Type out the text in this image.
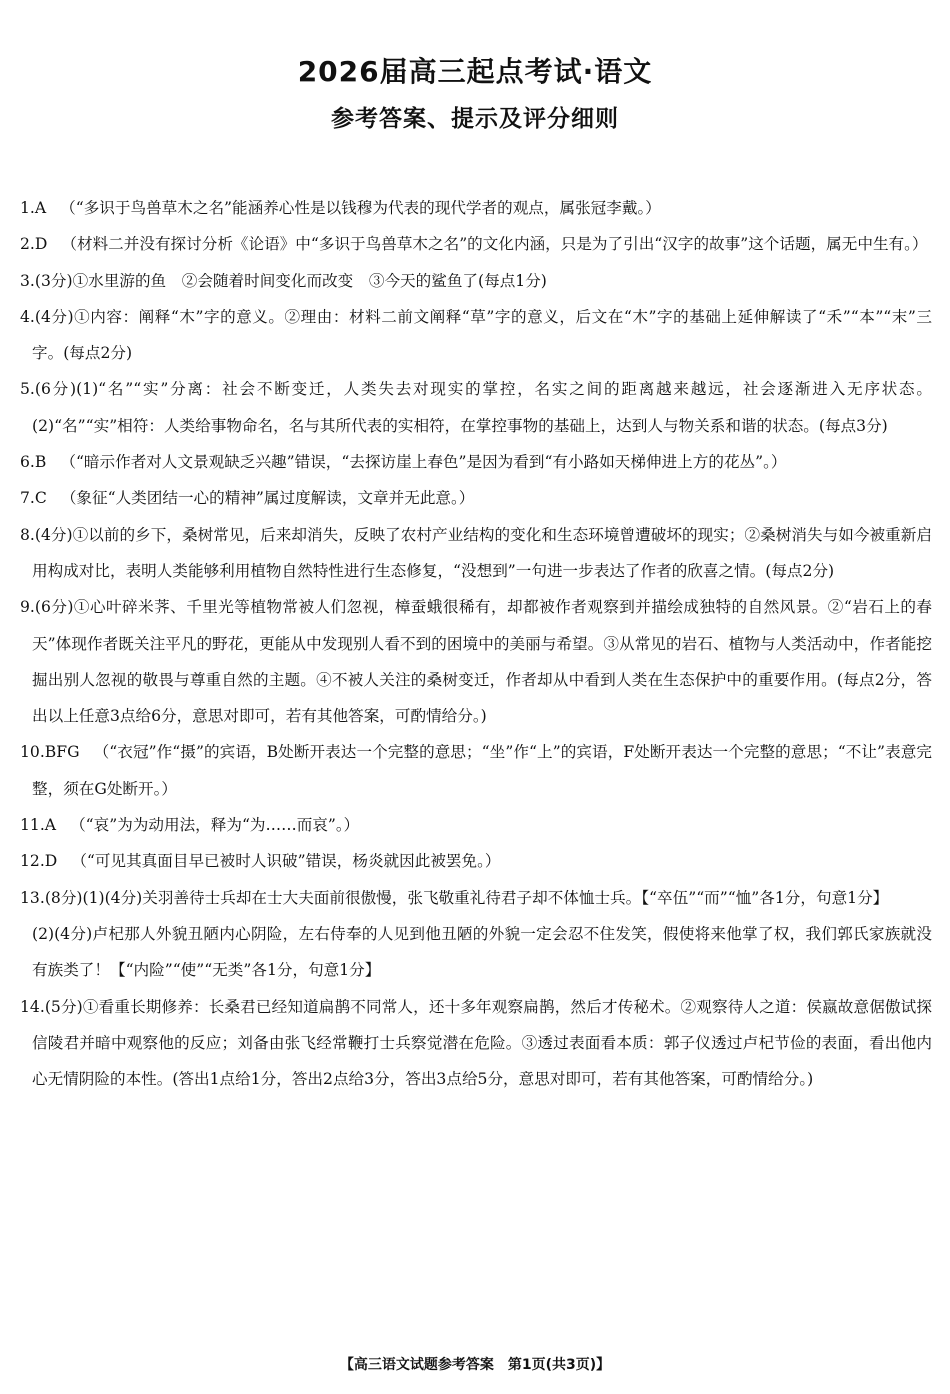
2026届高三起点考试·语文
参考答案、提示及评分细则

1.A （“多识于鸟兽草木之名”能涵养心性是以钱穆为代表的现代学者的观点，属张冠李戴。）

2.D （材料二并没有探讨分析《论语》中“多识于鸟兽草木之名”的文化内涵，只是为了引出“汉字的故事”这个话题，属无中生有。）

3.(3分)①水里游的鱼　②会随着时间变化而改变　③今天的鲨鱼了(每点1分)

4.(4分)①内容：阐释“木”字的意义。②理由：材料二前文阐释“草”字的意义，后文在“木”字的基础上延伸解读了“禾”“本”“末”三字。(每点2分)

5.(6分)(1)“名”“实”分离：社会不断变迁，人类失去对现实的掌控，名实之间的距离越来越远，社会逐渐进入无序状态。(2)“名”“实”相符：人类给事物命名，名与其所代表的实相符，在掌控事物的基础上，达到人与物关系和谐的状态。(每点3分)

6.B （“暗示作者对人文景观缺乏兴趣”错误，“去探访崖上春色”是因为看到“有小路如天梯伸进上方的花丛”。）

7.C （象征“人类团结一心的精神”属过度解读，文章并无此意。）

8.(4分)①以前的乡下，桑树常见，后来却消失，反映了农村产业结构的变化和生态环境曾遭破坏的现实；②桑树消失与如今被重新启用构成对比，表明人类能够利用植物自然特性进行生态修复，“没想到”一句进一步表达了作者的欣喜之情。(每点2分)

9.(6分)①心叶碎米荠、千里光等植物常被人们忽视，樟蚕蛾很稀有，却都被作者观察到并描绘成独特的自然风景。②“岩石上的春天”体现作者既关注平凡的野花，更能从中发现别人看不到的困境中的美丽与希望。③从常见的岩石、植物与人类活动中，作者能挖掘出别人忽视的敬畏与尊重自然的主题。④不被人关注的桑树变迁，作者却从中看到人类在生态保护中的重要作用。(每点2分，答出以上任意3点给6分，意思对即可，若有其他答案，可酌情给分。)

10.BFG （“衣冠”作“摄”的宾语，B处断开表达一个完整的意思；“坐”作“上”的宾语，F处断开表达一个完整的意思；“不让”表意完整，须在G处断开。）

11.A （“哀”为为动用法，释为“为……而哀”。）

12.D （“可见其真面目早已被时人识破”错误，杨炎就因此被罢免。）

13.(8分)(1)(4分)关羽善待士兵却在士大夫面前很傲慢，张飞敬重礼待君子却不体恤士兵。【“卒伍”“而”“恤”各1分，句意1分】

(2)(4分)卢杞那人外貌丑陋内心阴险，左右侍奉的人见到他丑陋的外貌一定会忍不住发笑，假使将来他掌了权，我们郭氏家族就没有族类了！【“内险”“使”“无类”各1分，句意1分】

14.(5分)①看重长期修养：长桑君已经知道扁鹊不同常人，还十多年观察扁鹊，然后才传秘术。②观察待人之道：侯嬴故意倨傲试探信陵君并暗中观察他的反应；刘备由张飞经常鞭打士兵察觉潜在危险。③透过表面看本质：郭子仪透过卢杞节俭的表面，看出他内心无情阴险的本性。(答出1点给1分，答出2点给3分，答出3点给5分，意思对即可，若有其他答案，可酌情给分。)

【高三语文试题参考答案　第1页(共3页)】
